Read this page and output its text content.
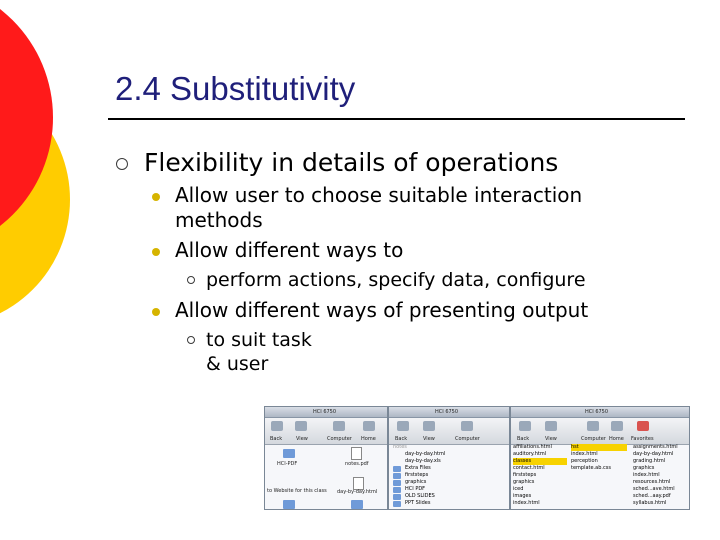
2.4 Substitutivity
Flexibility in details of operations
Allow user to choose suitable interaction
methods
Allow different ways to
perform actions, specify data, configure
Allow different ways of presenting output
to suit task
& user
HCI 6750
Back	View	Computer Home
HCI-PDF	notes.pdf
to Website for this class day-by-day.html
HCI 6750
Back	View	Computer
notes
day-by-day.html
day-by-day.xls
Extra Files
firststeps
graphics
HCI PDF
OLD SLIDES
PPT Slides
HCI 6750
Back	View	Computer Home Favorites
affiliations.html
auditory.html
classes
contact.html
firststeps
graphics
iced
images
index.html
hst
index.html
perception
template.ab.css
assignments.html
day-by-day.html
grading.html
graphics
index.html
resources.html
sched...ave.html
sched...aay.pdf
syllabus.html
